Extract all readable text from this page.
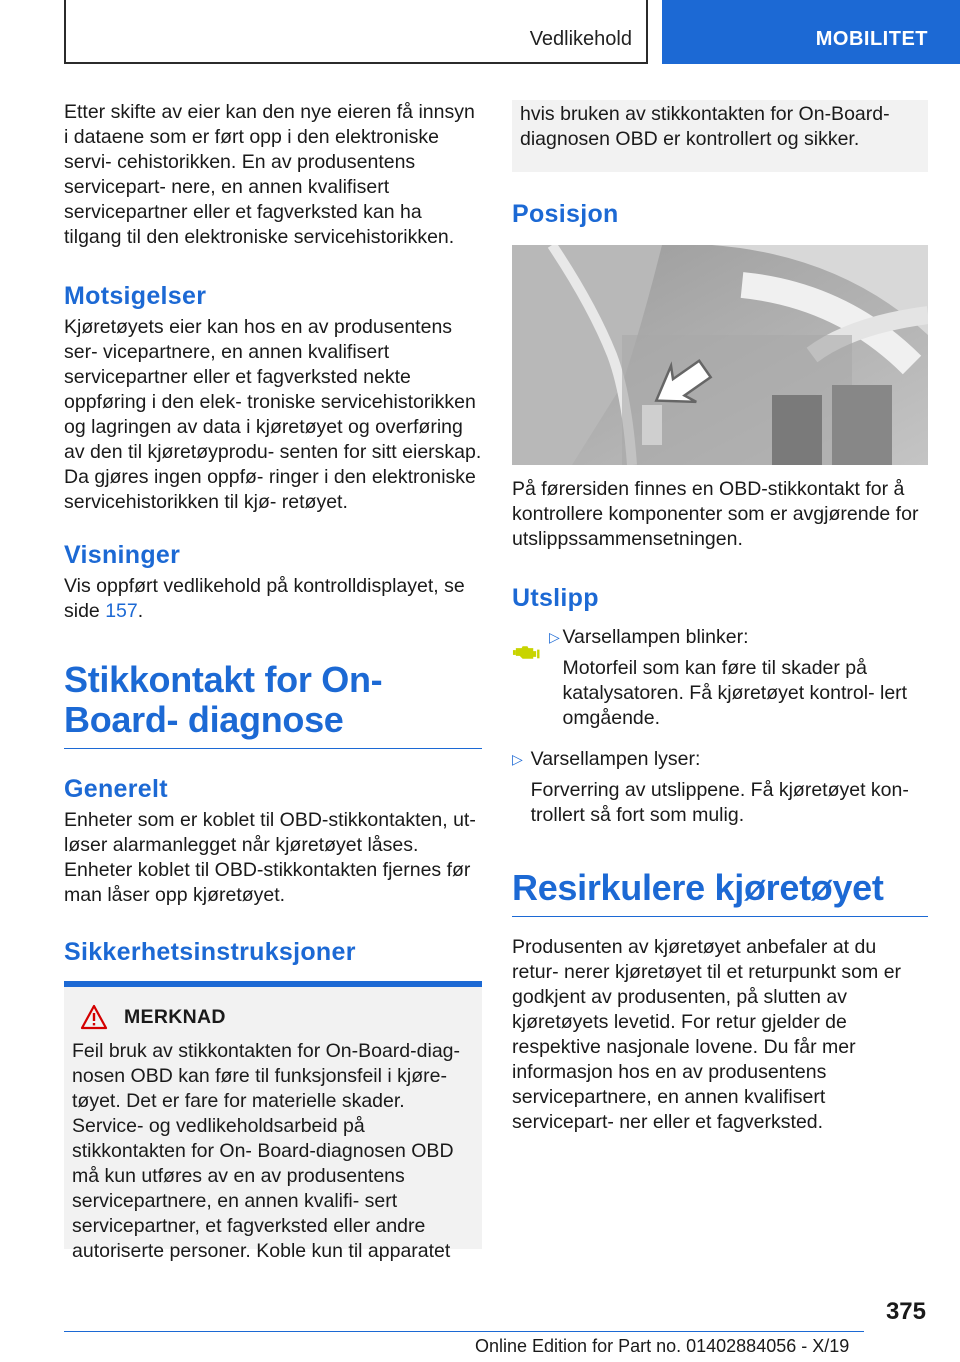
Vedlikehold	MOBILITET

Etter skifte av eier kan den nye eieren få innsyn i dataene som er ført opp i den elektroniske servi- cehistorikken. En av produsentens servicepart- nere, en annen kvalifisert servicepartner eller et fagverksted kan ha tilgang til den elektroniske servicehistorikken.

Motsigelser

Kjøretøyets eier kan hos en av produsentens ser- vicepartnere, en annen kvalifisert servicepartner eller et fagverksted nekte oppføring i den elek- troniske servicehistorikken og lagringen av data i kjøretøyet og overføring av den til kjøretøyprodu- senten for sitt eierskap. Da gjøres ingen oppfø- ringer i den elektroniske servicehistorikken til kjø- retøyet.

Visninger

Vis oppført vedlikehold på kontrolldisplayet, se side 157.

Stikkontakt for On-Board- diagnose
Generelt

Enheter som er koblet til OBD-stikkontakten, ut- løser alarmanlegget når kjøretøyet låses. Enheter koblet til OBD-stikkontakten fjernes før man låser opp kjøretøyet.

Sikkerhetsinstruksjoner
MERKNAD

Feil bruk av stikkontakten for On-Board-diag- nosen OBD kan føre til funksjonsfeil i kjøre- tøyet. Det er fare for materielle skader. Service- og vedlikeholdsarbeid på stikkontakten for On- Board-diagnosen OBD må kun utføres av en av produsentens servicepartnere, en annen kvalifi- sert servicepartner, et fagverksted eller andre autoriserte personer. Koble kun til apparatet

hvis bruken av stikkontakten for On-Board- diagnosen OBD er kontrollert og sikker.

Posisjon

På førersiden finnes en OBD-stikkontakt for å kontrollere komponenter som er avgjørende for utslippssammensetningen.

Utslipp
▷ Varsellampen blinker:
Motorfeil som kan føre til skader på katalysatoren. Få kjøretøyet kontrol- lert omgående.
▷ Varsellampen lyser:
Forverring av utslippene. Få kjøretøyet kon- trollert så fort som mulig.
Resirkulere kjøretøyet

Produsenten av kjøretøyet anbefaler at du retur- nerer kjøretøyet til et returpunkt som er godkjent av produsenten, på slutten av kjøretøyets levetid. For retur gjelder de respektive nasjonale lovene. Du får mer informasjon hos en av produsentens servicepartnere, en annen kvalifisert servicepart- ner eller et fagverksted.

375
Online Edition for Part no. 01402884056 - X/19
